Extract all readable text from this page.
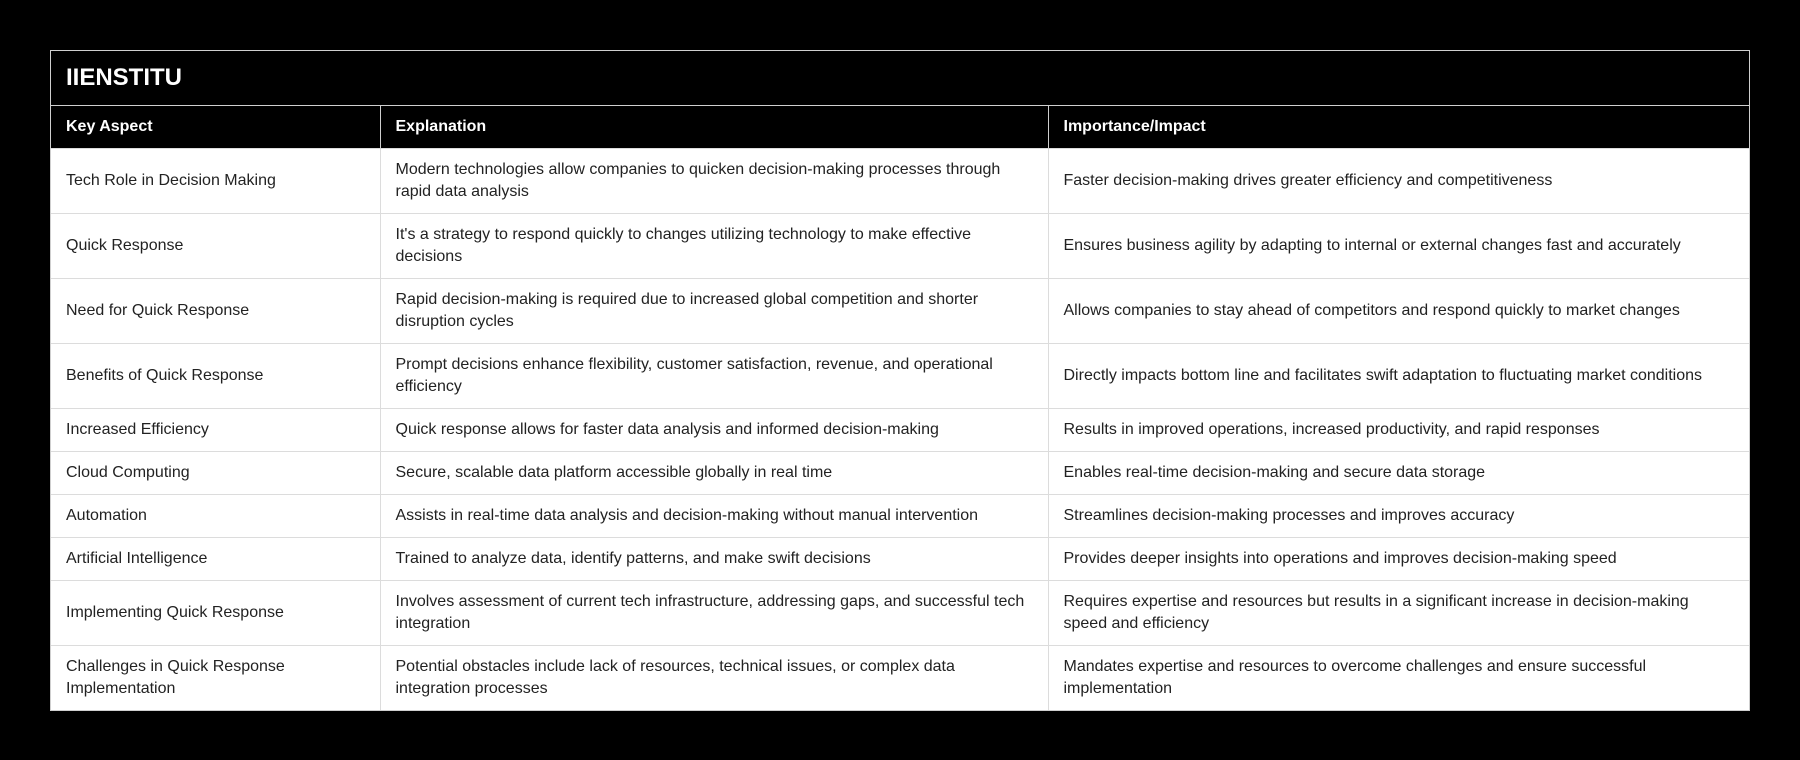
IIENSTITU
Key Aspect	Explanation	Importance/Impact
Tech Role in Decision Making	Modern technologies allow companies to quicken decision-making processes through rapid data analysis	Faster decision-making drives greater efficiency and competitiveness
Quick Response	It's a strategy to respond quickly to changes utilizing technology to make effective decisions	Ensures business agility by adapting to internal or external changes fast and accurately
Need for Quick Response	Rapid decision-making is required due to increased global competition and shorter disruption cycles	Allows companies to stay ahead of competitors and respond quickly to market changes
Benefits of Quick Response	Prompt decisions enhance flexibility, customer satisfaction, revenue, and operational efficiency	Directly impacts bottom line and facilitates swift adaptation to fluctuating market conditions
Increased Efficiency	Quick response allows for faster data analysis and informed decision-making	Results in improved operations, increased productivity, and rapid responses
Cloud Computing	Secure, scalable data platform accessible globally in real time	Enables real-time decision-making and secure data storage
Automation	Assists in real-time data analysis and decision-making without manual intervention	Streamlines decision-making processes and improves accuracy
Artificial Intelligence	Trained to analyze data, identify patterns, and make swift decisions	Provides deeper insights into operations and improves decision-making speed
Implementing Quick Response	Involves assessment of current tech infrastructure, addressing gaps, and successful tech integration	Requires expertise and resources but results in a significant increase in decision-making speed and efficiency
Challenges in Quick Response Implementation	Potential obstacles include lack of resources, technical issues, or complex data integration processes	Mandates expertise and resources to overcome challenges and ensure successful implementation
